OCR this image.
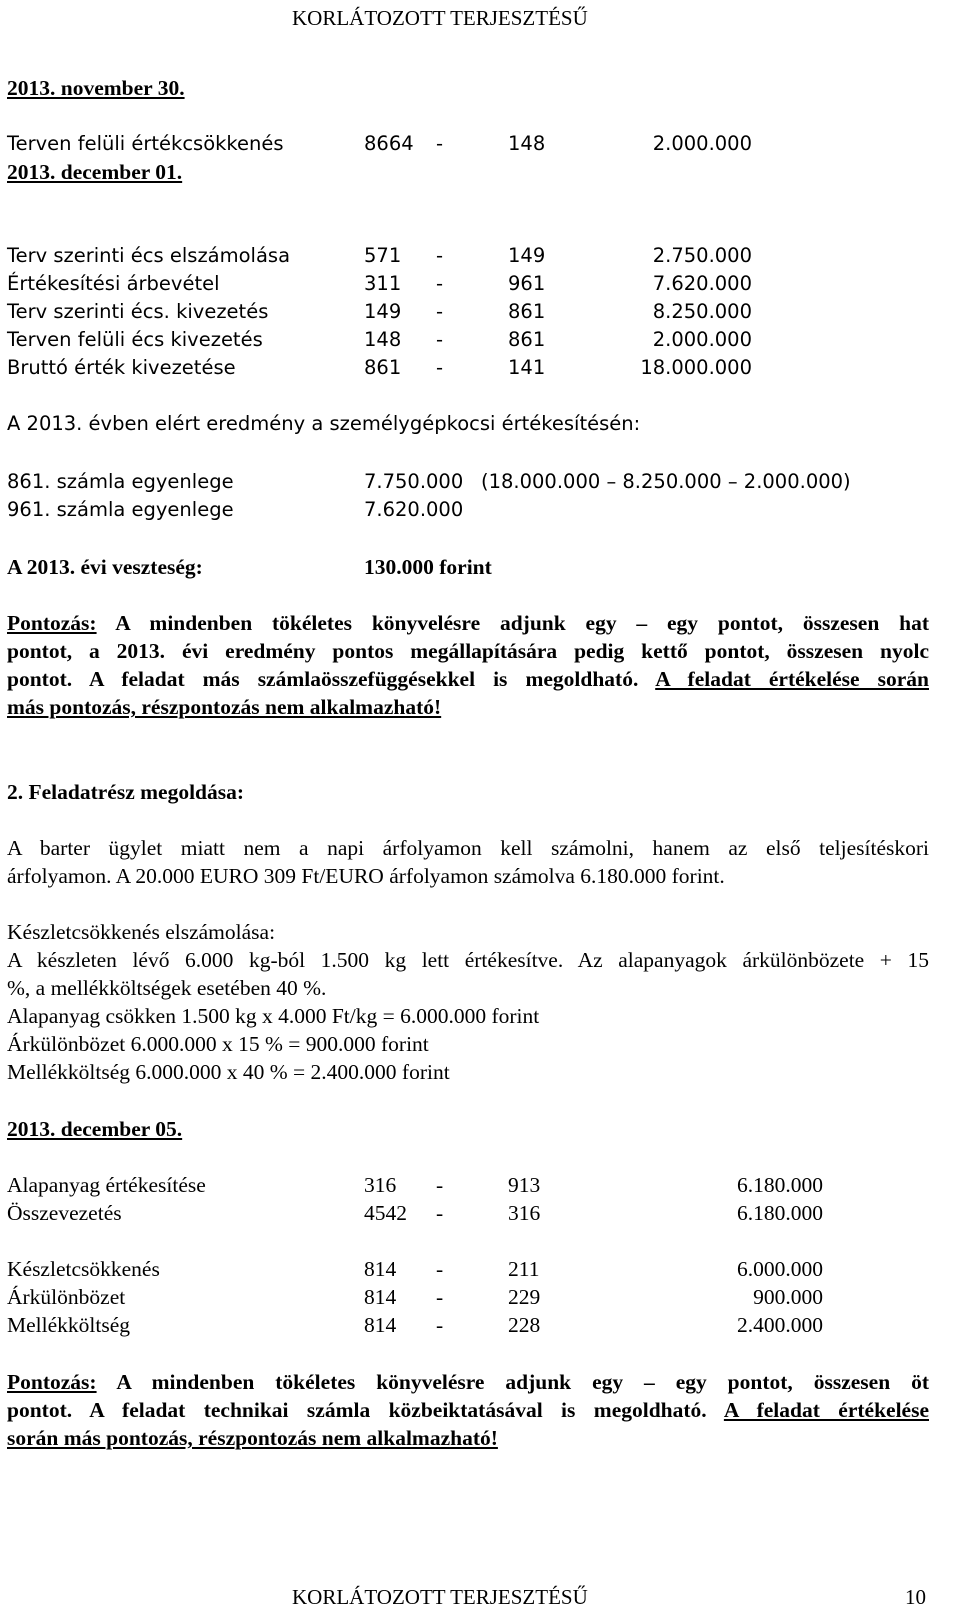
KORLÁTOZOTT TERJESZTÉSŰ
2013. november 30.
Terven felüli értékcsökkenés	8664 -	148	2.000.000
2013. december 01.
Terv szerinti écs elszámolása	571 -	149	2.750.000
Értékesítési árbevétel	311 -	961	7.620.000
Terv szerinti écs. kivezetés	149 -	861	8.250.000
Terven felüli écs kivezetés	148 -	861	2.000.000
Bruttó érték kivezetése	861 -	141	18.000.000
A 2013. évben elért eredmény a személygépkocsi értékesítésén:
861. számla egyenlege	7.750.000 (18.000.000 – 8.250.000 – 2.000.000)
961. számla egyenlege	7.620.000
A 2013. évi veszteség:	130.000 forint
Pontozás: A mindenben tökéletes könyvelésre adjunk egy – egy pontot, összesen hat
pontot, a 2013. évi eredmény pontos megállapítására pedig kettő pontot, összesen nyolc
pontot. A feladat más számlaösszefüggésekkel is megoldható. A feladat értékelése során
más pontozás, részpontozás nem alkalmazható!
2. Feladatrész megoldása:
A barter ügylet miatt nem a napi árfolyamon kell számolni, hanem az első teljesítéskori
árfolyamon. A 20.000 EURO 309 Ft/EURO árfolyamon számolva 6.180.000 forint.
Készletcsökkenés elszámolása:
A készleten lévő 6.000 kg-ból 1.500 kg lett értékesítve. Az alapanyagok árkülönbözete + 15
%, a mellékköltségek esetében 40 %.
Alapanyag csökken 1.500 kg x 4.000 Ft/kg = 6.000.000 forint
Árkülönbözet 6.000.000 x 15 % = 900.000 forint
Mellékköltség 6.000.000 x 40 % = 2.400.000 forint
2013. december 05.
Alapanyag értékesítése	316 -	913	6.180.000
Összevezetés	4542 -	316	6.180.000
Készletcsökkenés	814 -	211	6.000.000
Árkülönbözet	814 -	229	900.000
Mellékköltség	814 -	228	2.400.000
Pontozás: A mindenben tökéletes könyvelésre adjunk egy – egy pontot, összesen öt
pontot. A feladat technikai számla közbeiktatásával is megoldható. A feladat értékelése
során más pontozás, részpontozás nem alkalmazható!
KORLÁTOZOTT TERJESZTÉSŰ	10
